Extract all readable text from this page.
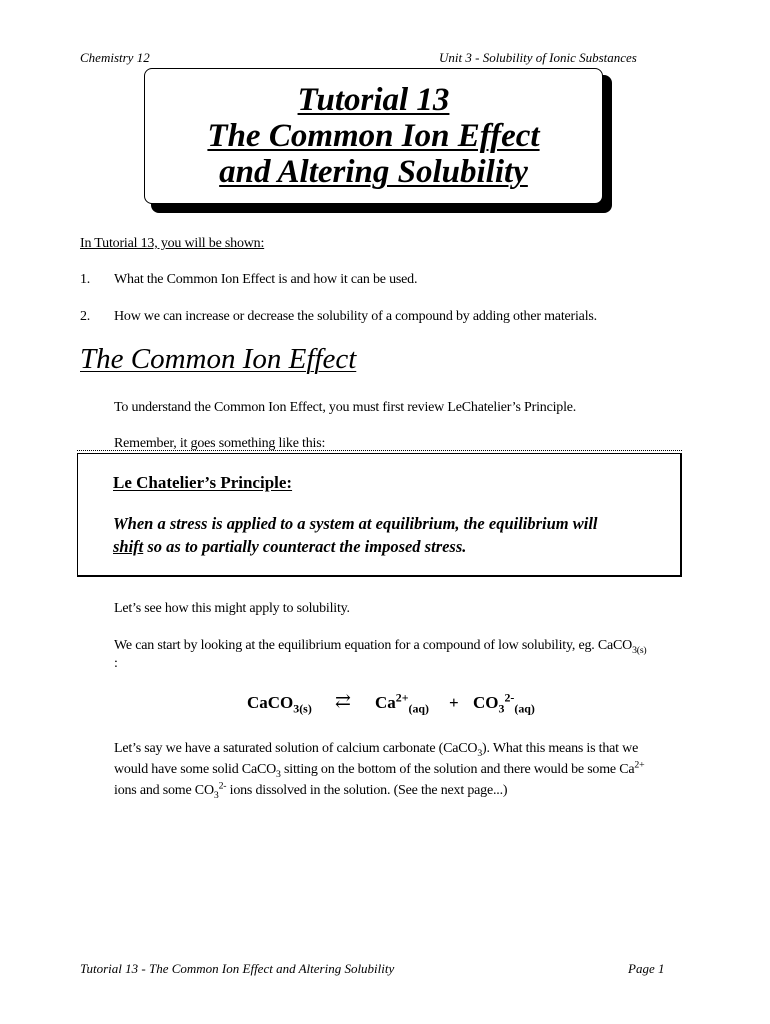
Chemistry 12	Unit 3 - Solubility of Ionic Substances
Tutorial 13
The Common Ion Effect
and Altering Solubility
In Tutorial 13, you will be shown:
1. What the Common Ion Effect is and how it can be used.
2. How we can increase or decrease the solubility of a compound by adding other materials.
The Common Ion Effect
To understand the Common Ion Effect, you must first review LeChatelier’s Principle.
Remember, it goes something like this:
Le Chatelier’s Principle:
When a stress is applied to a system at equilibrium, the equilibrium will
shift so as to partially counteract the imposed stress.
Let’s see how this might apply to solubility.
We can start by looking at the equilibrium equation for a compound of low solubility, eg. CaCO$_{3(s)}$
:
CaCO$_{3(s)}$ ⇄ $Ca^{2+}_{(aq)} + CO_3^{2-}_{(aq)}$
Let’s say we have a saturated solution of calcium carbonate (CaCO$_3$). What this means is that we
would have some solid CaCO$_3$ sitting on the bottom of the solution and there would be some $Ca^{2+}$
ions and some $CO_3^{2-}$ ions dissolved in the solution. (See the next page...)
Tutorial 13 - The Common Ion Effect and Altering Solubility	Page 1
